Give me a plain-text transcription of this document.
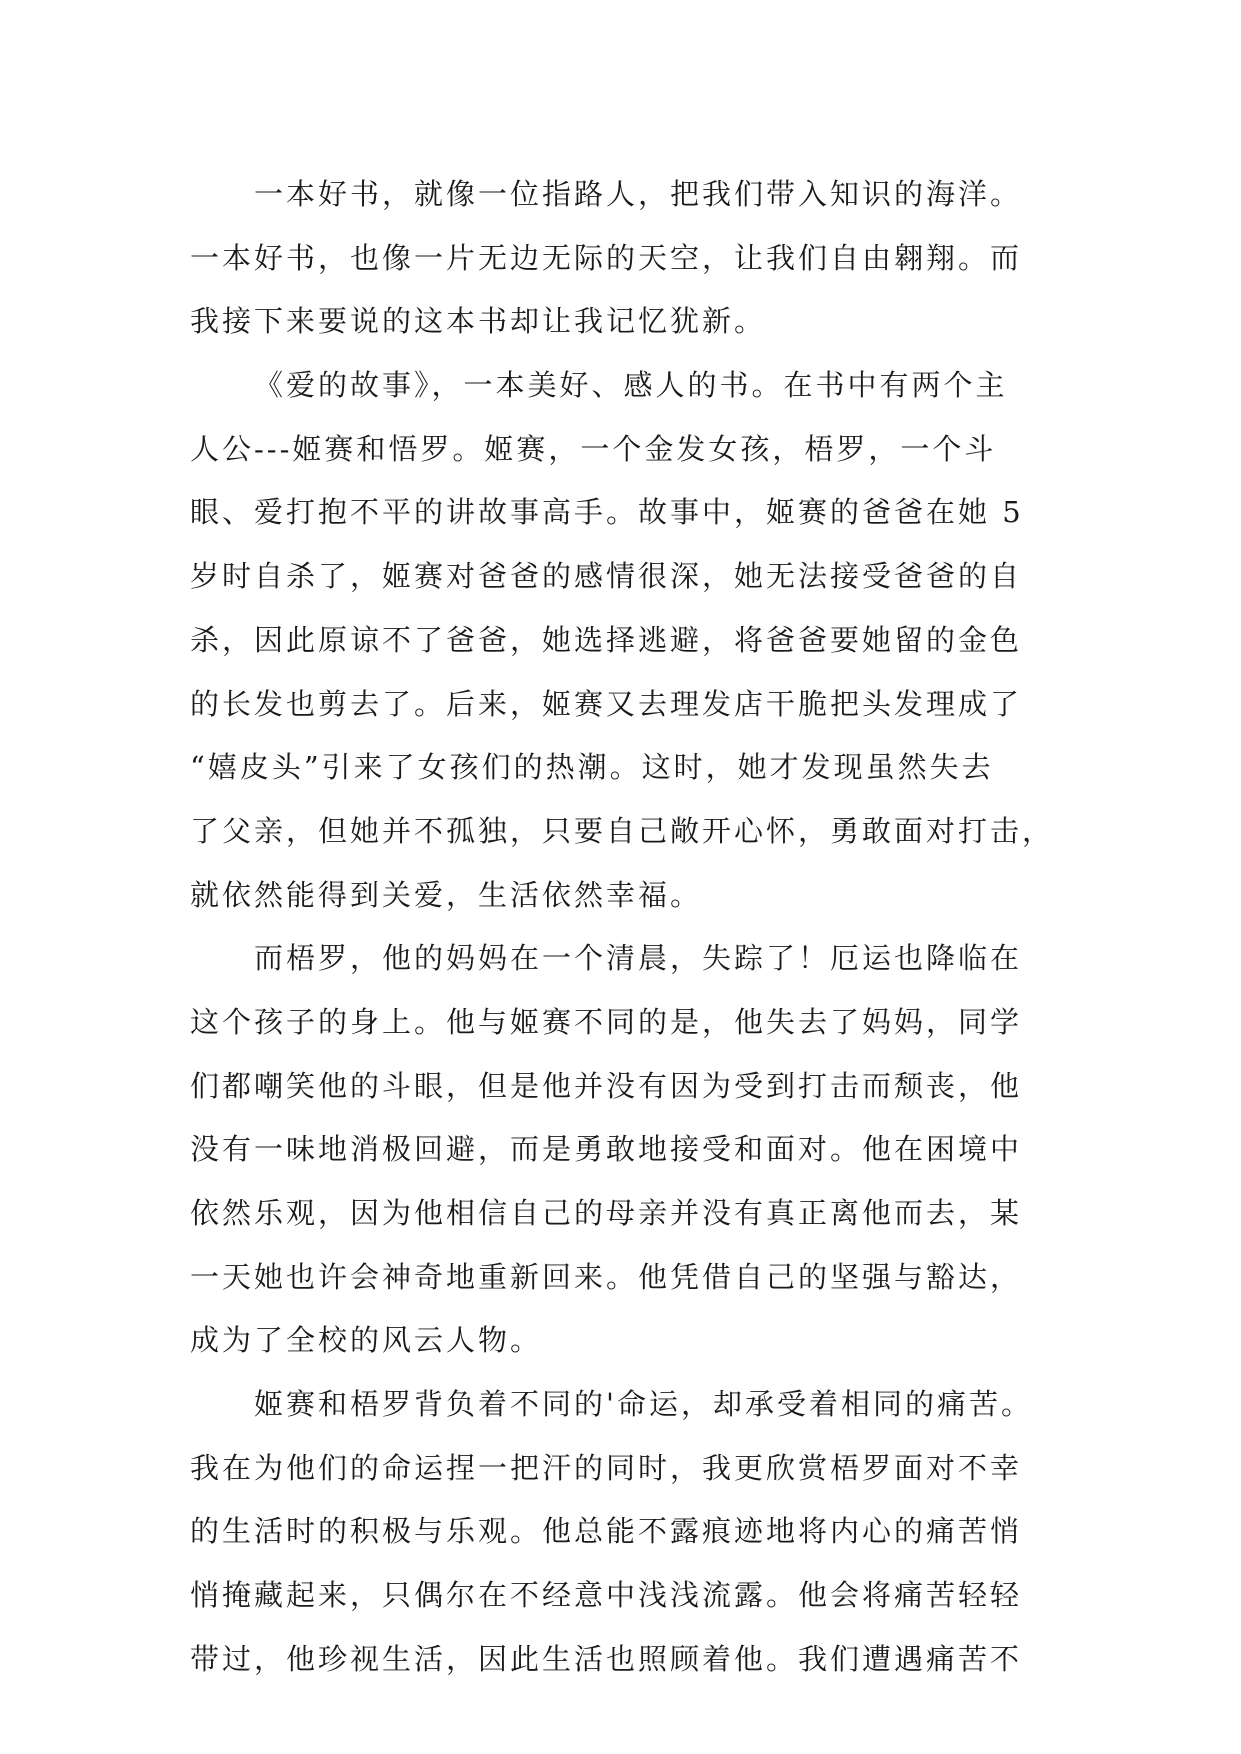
一本好书，就像一位指路人，把我们带入知识的海洋。
一本好书，也像一片无边无际的天空，让我们自由翱翔。而
我接下来要说的这本书却让我记忆犹新。
《爱的故事》，一本美好、感人的书。在书中有两个主
人公---姬赛和悟罗。姬赛，一个金发女孩，梧罗，一个斗
眼、爱打抱不平的讲故事高手。故事中，姬赛的爸爸在她 5
岁时自杀了，姬赛对爸爸的感情很深，她无法接受爸爸的自
杀，因此原谅不了爸爸，她选择逃避，将爸爸要她留的金色
的长发也剪去了。后来，姬赛又去理发店干脆把头发理成了
“嬉皮头”引来了女孩们的热潮。这时，她才发现虽然失去
了父亲，但她并不孤独，只要自己敞开心怀，勇敢面对打击，
就依然能得到关爱，生活依然幸福。
而梧罗，他的妈妈在一个清晨，失踪了！厄运也降临在
这个孩子的身上。他与姬赛不同的是，他失去了妈妈，同学
们都嘲笑他的斗眼，但是他并没有因为受到打击而颓丧，他
没有一味地消极回避，而是勇敢地接受和面对。他在困境中
依然乐观，因为他相信自己的母亲并没有真正离他而去，某
一天她也许会神奇地重新回来。他凭借自己的坚强与豁达，
成为了全校的风云人物。
姬赛和梧罗背负着不同的'命运，却承受着相同的痛苦。
我在为他们的命运捏一把汗的同时，我更欣赏梧罗面对不幸
的生活时的积极与乐观。他总能不露痕迹地将内心的痛苦悄
悄掩藏起来，只偶尔在不经意中浅浅流露。他会将痛苦轻轻
带过，他珍视生活，因此生活也照顾着他。我们遭遇痛苦不
